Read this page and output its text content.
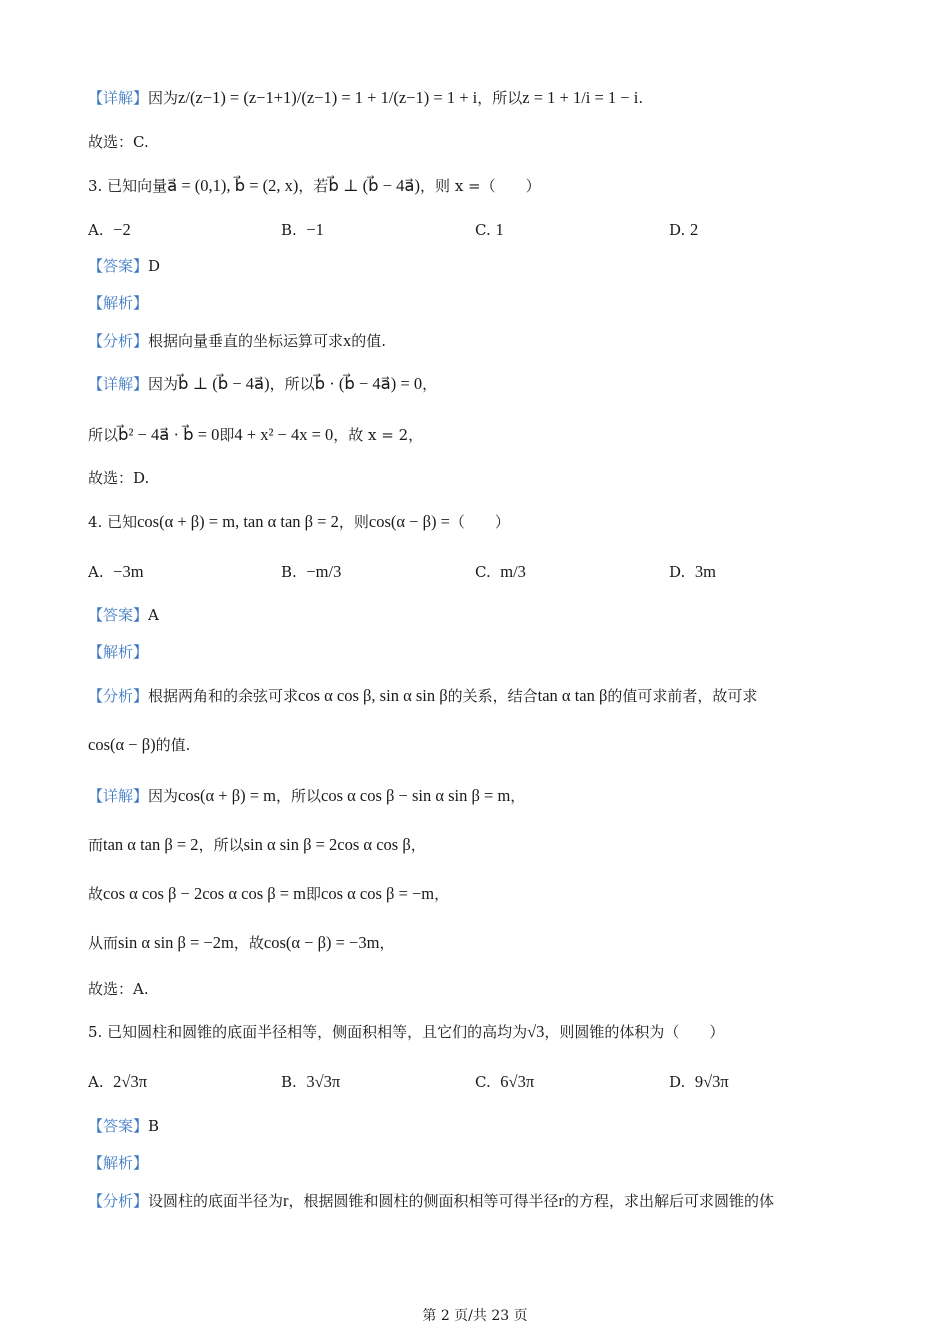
【详解】因为z/(z−1) = (z−1+1)/(z−1) = 1 + 1/(z−1) = 1 + i，所以z = 1 + 1/i = 1 − i.
故选：C.
3. 已知向量a⃗ = (0,1), b⃗ = (2, x)，若b⃗ ⊥ (b⃗ − 4a⃗)，则 x =（　　）
A. −2	B. −1	C. 1	D. 2
【答案】D
【解析】
【分析】根据向量垂直的坐标运算可求x的值.
【详解】因为b⃗ ⊥ (b⃗ − 4a⃗)，所以b⃗ · (b⃗ − 4a⃗) = 0，
所以b⃗² − 4a⃗ · b⃗ = 0即4 + x² − 4x = 0，故 x = 2，
故选：D.
4. 已知cos(α + β) = m, tan α tan β = 2，则cos(α − β) =（　　）
A. −3m	B. −m/3	C. m/3	D. 3m
【答案】A
【解析】
【分析】根据两角和的余弦可求cos α cos β, sin α sin β的关系，结合tan α tan β的值可求前者，故可求
cos(α − β)的值.
【详解】因为cos(α + β) = m，所以cos α cos β − sin α sin β = m，
而tan α tan β = 2，所以sin α sin β = 2cos α cos β，
故cos α cos β − 2cos α cos β = m即cos α cos β = −m，
从而sin α sin β = −2m，故cos(α − β) = −3m，
故选：A.
5. 已知圆柱和圆锥的底面半径相等，侧面积相等，且它们的高均为√3，则圆锥的体积为（　　）
A. 2√3π	B. 3√3π	C. 6√3π	D. 9√3π
【答案】B
【解析】
【分析】设圆柱的底面半径为r，根据圆锥和圆柱的侧面积相等可得半径r的方程，求出解后可求圆锥的体
第 2 页/共 23 页
